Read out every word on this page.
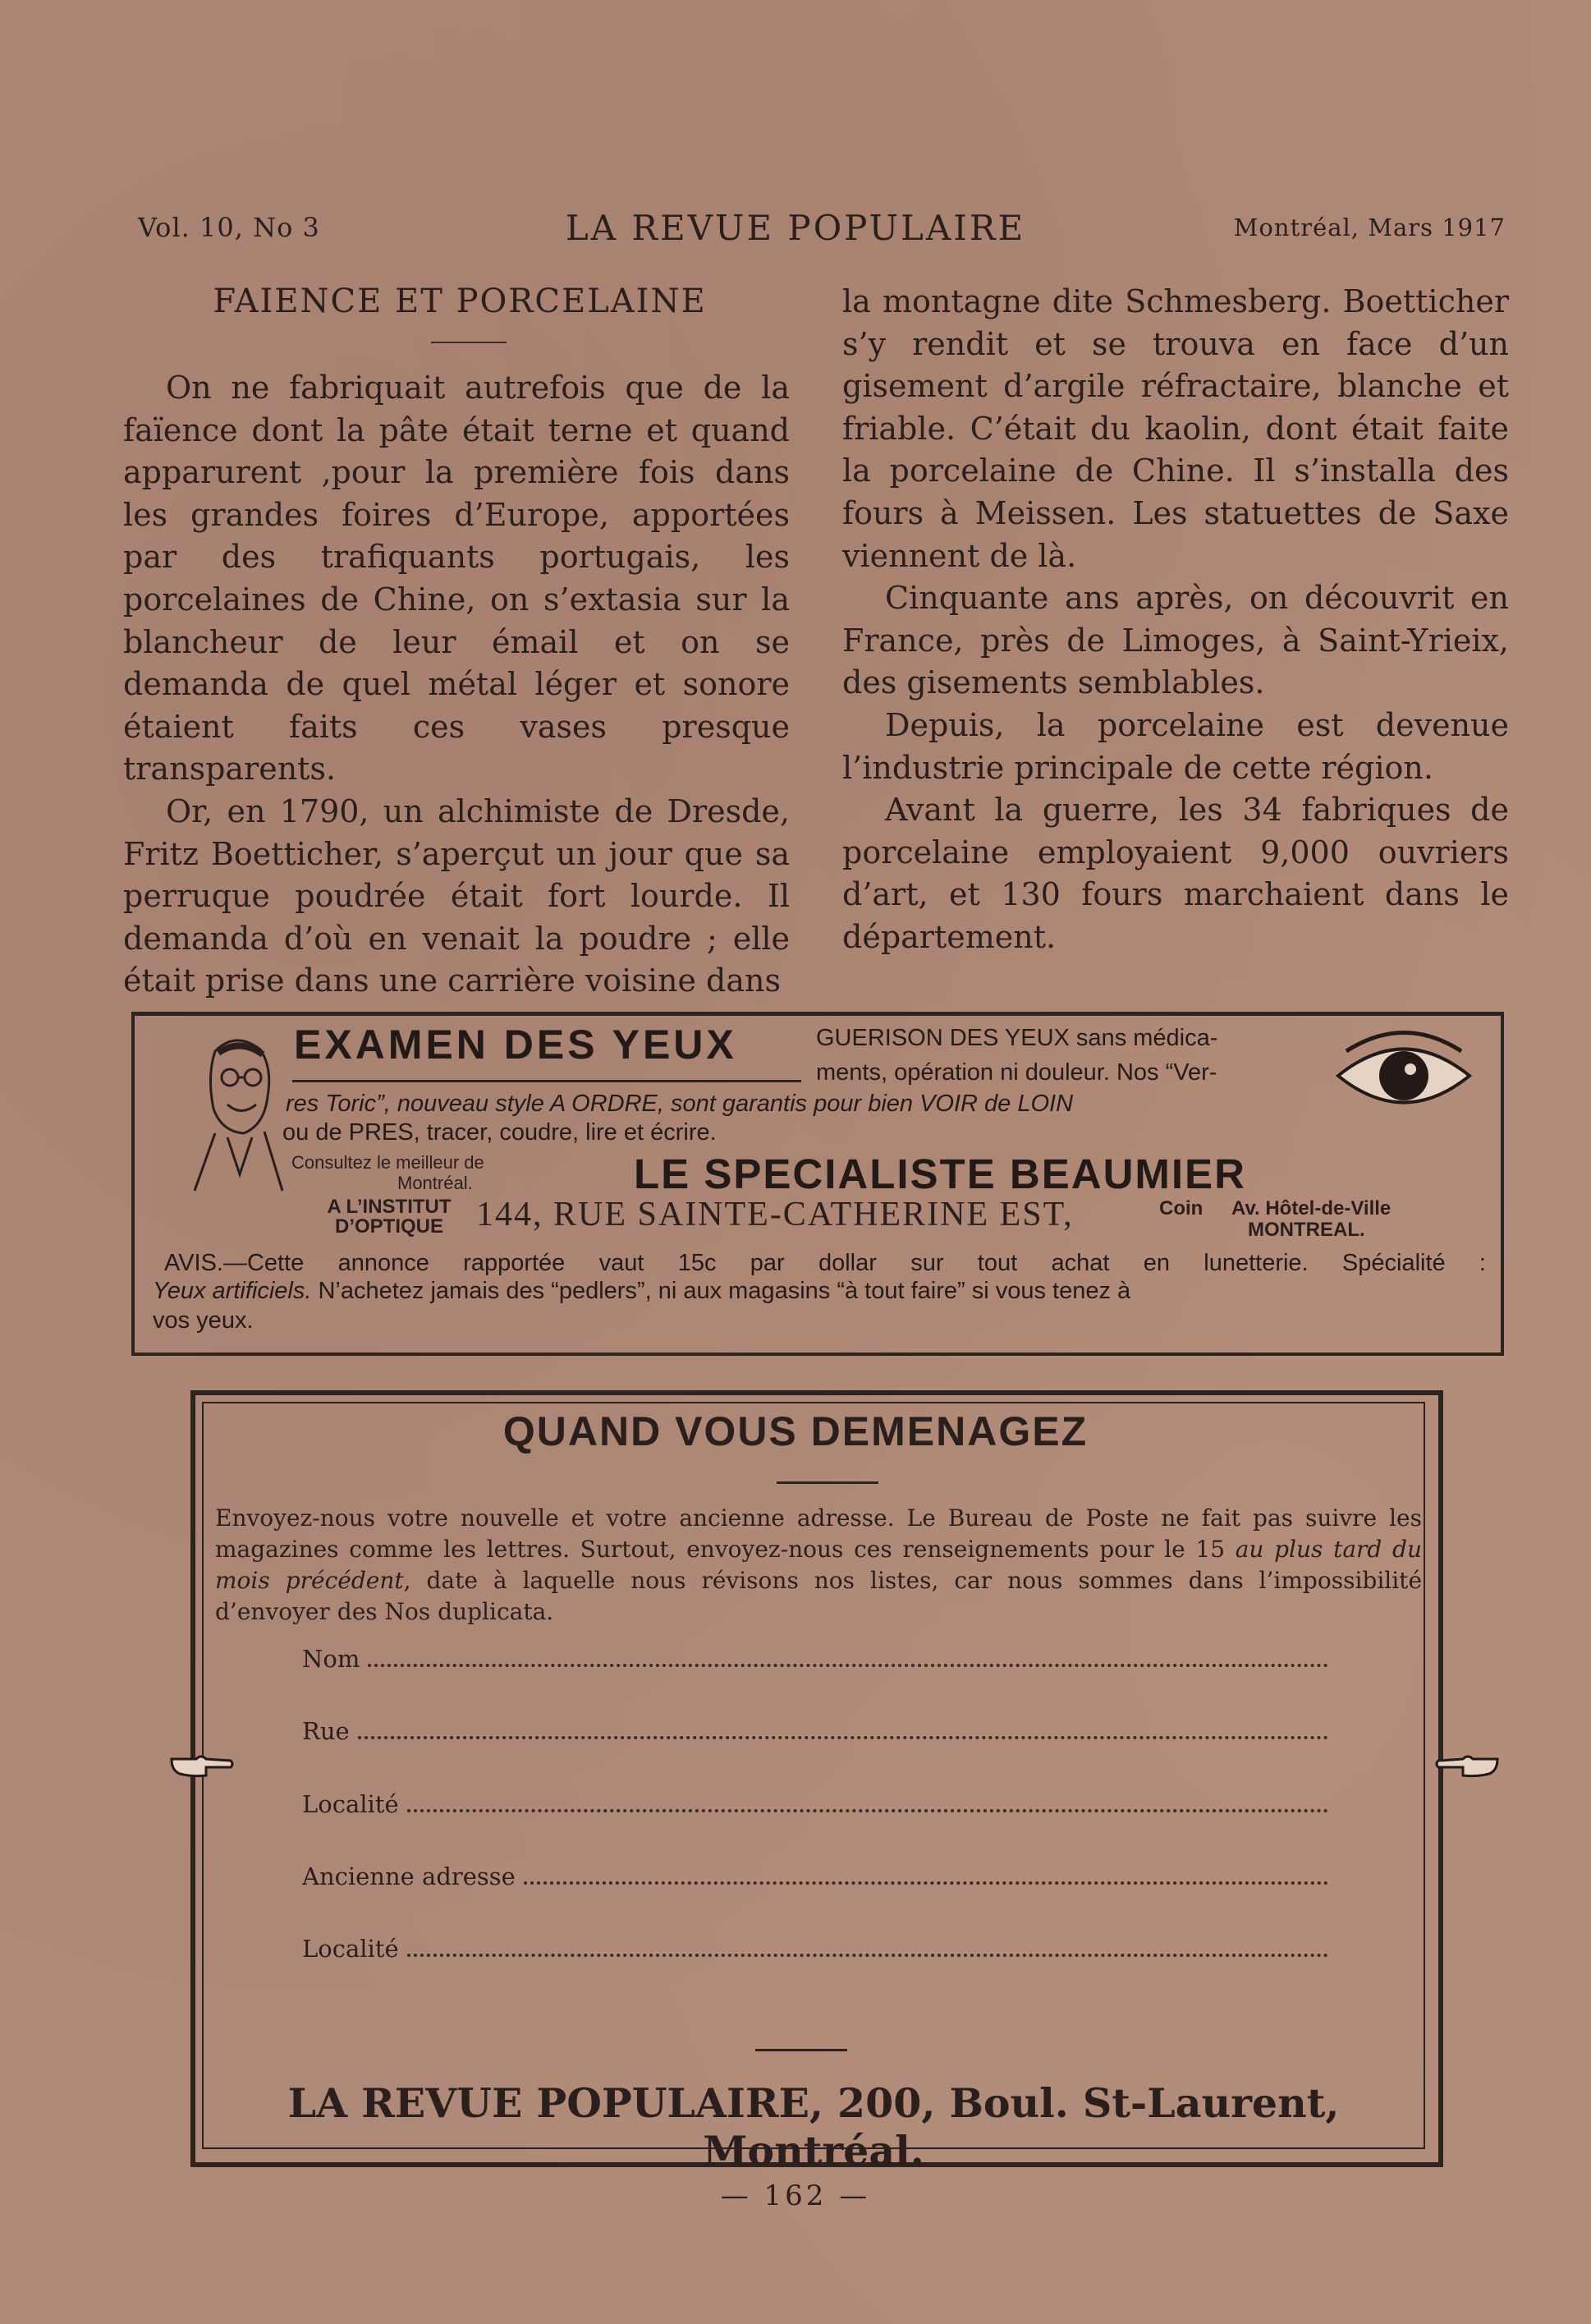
Vol. 10, No 3	LA REVUE POPULAIRE	Montréal, Mars 1917
FAIENCE ET PORCELAINE

On ne fabriquait autrefois que de la faïence dont la pâte était terne et quand apparurent ,pour la première fois dans les grandes foires d’Europe, apportées par des trafiquants portugais, les porcelaines de Chine, on s’extasia sur la blancheur de leur émail et on se demanda de quel métal léger et sonore étaient faits ces vases presque transparents.

Or, en 1790, un alchimiste de Dresde, Fritz Boetticher, s’aperçut un jour que sa perruque poudrée était fort lourde. Il demanda d’où en venait la poudre ; elle était prise dans une carrière voisine dans

la montagne dite Schmesberg. Boetticher s’y rendit et se trouva en face d’un gisement d’argile réfractaire, blanche et friable. C’était du kaolin, dont était faite la porcelaine de Chine. Il s’installa des fours à Meissen. Les statuettes de Saxe viennent de là.

Cinquante ans après, on découvrit en France, près de Limoges, à Saint-Yrieix, des gisements semblables.

Depuis, la porcelaine est devenue l’industrie principale de cette région.

Avant la guerre, les 34 fabriques de porcelaine employaient 9,000 ouvriers d’art, et 130 fours marchaient dans le département.

EXAMEN DES YEUX	GUERISON DES YEUX sans médica-
ments, opération ni douleur. Nos “Ver-
res Toric”, nouveau style A ORDRE, sont garantis pour bien VOIR de LOIN
ou de PRES, tracer, coudre, lire et écrire.
Consultez le meilleur de
Montréal.	LE SPECIALISTE BEAUMIER
A L’INSTITUT
D’OPTIQUE 144, RUE SAINTE-CATHERINE EST,	Coin Av. Hôtel-de-Ville
MONTREAL.
AVIS.—Cette annonce rapportée vaut 15c par dollar sur tout achat en lunetterie. Spécialité :
Yeux artificiels. N’achetez jamais des “pedlers”, ni aux magasins “à tout faire” si vous tenez à
vos yeux.
QUAND VOUS DEMENAGEZ
Envoyez-nous votre nouvelle et votre ancienne adresse. Le Bureau de Poste ne fait pas suivre les magazines comme les lettres. Surtout, envoyez-nous ces renseignements pour le 15 au plus tard du mois précédent, date à laquelle nous révisons nos listes, car nous sommes dans l’impossibilité d’envoyer des Nos duplicata.
Nom
Rue
Localité
Ancienne adresse
Localité
LA REVUE POPULAIRE, 200, Boul. St-Laurent, Montréal.
— 162 —
